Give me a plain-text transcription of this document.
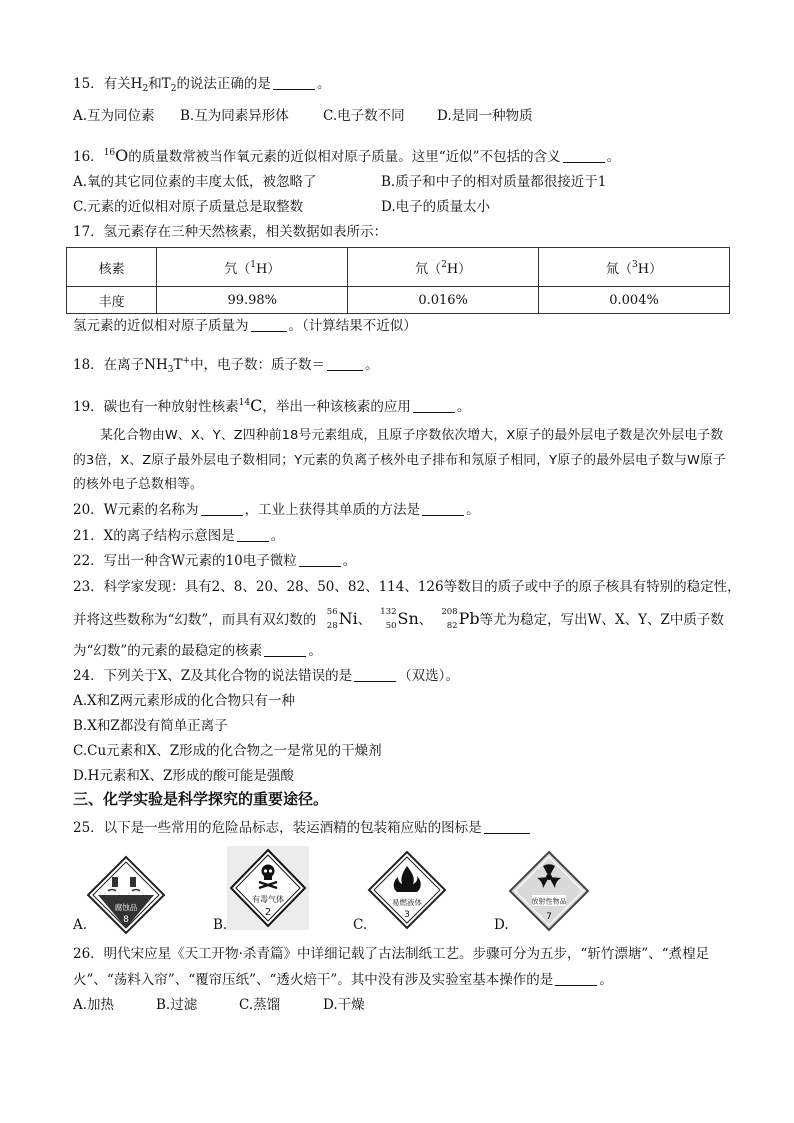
15．有关$H_2$和$T_2$的说法正确的是	。
A.互为同位素 B.互为同素异形体	C.电子数不同 D.是同一种物质
16．$^{16}$O的质量数常被当作氧元素的近似相对原子质量。这里“近似”不包括的含义	。
A.氧的其它同位素的丰度太低，被忽略了	B.质子和中子的相对质量都很接近于1
C.元素的近似相对原子质量总是取整数	D.电子的质量太小
17．氢元素存在三种天然核素，相关数据如表所示：
核素	氕（$^1$H）	氘（$^2$H）	氚（$^3$H）
丰度	99.98%	0.016%	0.004%
氢元素的近似相对原子质量为	。（计算结果不近似）
18．在离子$NH_3T^+$中，电子数：质子数＝	。
19．碳也有一种放射性核素$^{14}$C，举出一种该核素的应用	。
某化合物由W、X、Y、Z四种前18号元素组成，且原子序数依次增大，X原子的最外层电子数是次外层电子数的3倍，X、Z原子最外层电子数相同；Y元素的负离子核外电子排布和氖原子相同，Y原子的最外层电子数与W原子的核外电子总数相等。
20．W元素的名称为	，工业上获得其单质的方法是	。
21．X的离子结构示意图是	。
22．写出一种含W元素的10电子微粒	。
23．科学家发现：具有2、8、20、28、50、82、114、126等数目的质子或中子的原子核具有特别的稳定性，
并将这些数称为“幻数”，而具有双幻数的 56
28 Ni、 132
50 Sn、 208
82 Pb等尤为稳定，写出W、X、Y、Z中质子数
为“幻数”的元素的最稳定的核素	。
24．下列关于X、Z及其化合物的说法错误的是	（双选）。
A.X和Z两元素形成的化合物只有一种
B.X和Z都没有简单正离子
C.Cu元素和X、Z形成的化合物之一是常见的干燥剂
D.H元素和X、Z形成的酸可能是强酸
三、化学实验是科学探究的重要途径。
25．以下是一些常用的危险品标志，装运酒精的包装箱应贴的图标是
A.
腐蚀品
8	B.
有毒气体
2
C.
易燃液体
3
D.
放射性物品
7
26．明代宋应星《天工开物·杀青篇》中详细记载了古法制纸工艺。步骤可分为五步，“斩竹漂塘”、“煮楻足
火”、“荡料入帘”、“覆帘压纸”、“透火焙干”。其中没有涉及实验室基本操作的是	。
A.加热	B.过滤	C.蒸馏	D.干燥
